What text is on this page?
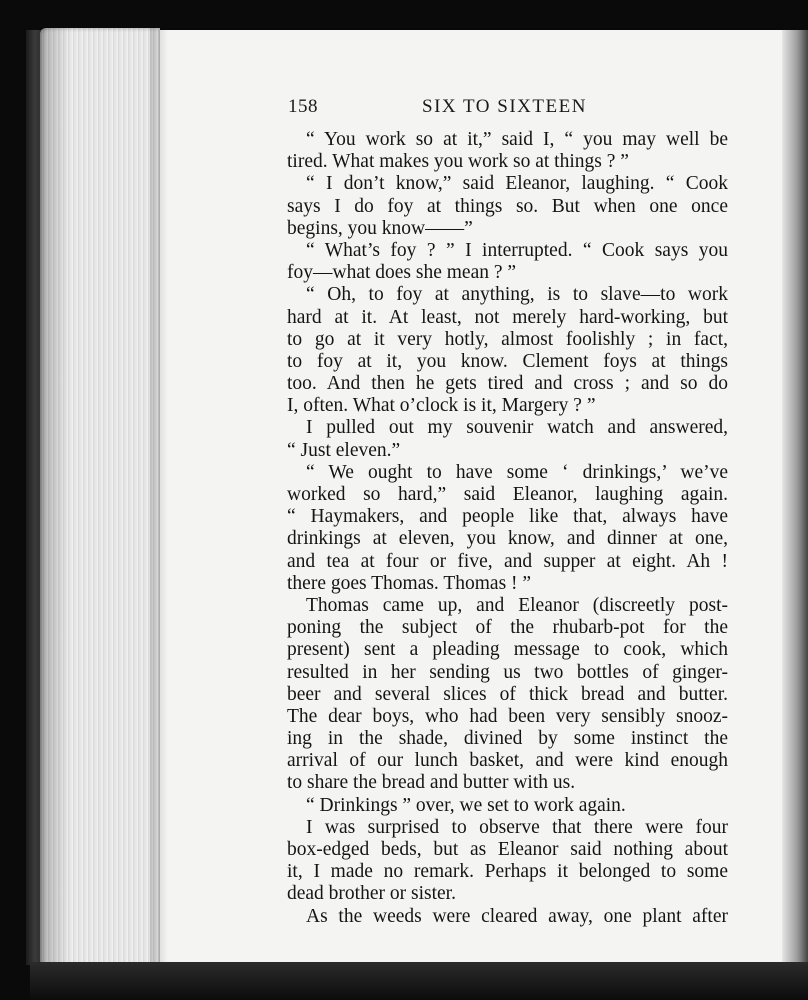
158	SIX TO SIXTEEN
“ You work so at it,” said I, “ you may well be
tired. What makes you work so at things ? ”
“ I don’t know,” said Eleanor, laughing. “ Cook
says I do foy at things so. But when one once
begins, you know——”
“ What’s foy ? ” I interrupted. “ Cook says you
foy—what does she mean ? ”
“ Oh, to foy at anything, is to slave—to work
hard at it. At least, not merely hard-working, but
to go at it very hotly, almost foolishly ; in fact,
to foy at it, you know. Clement foys at things
too. And then he gets tired and cross ; and so do
I, often. What o’clock is it, Margery ? ”
I pulled out my souvenir watch and answered,
“ Just eleven.”
“ We ought to have some ‘ drinkings,’ we’ve
worked so hard,” said Eleanor, laughing again.
“ Haymakers, and people like that, always have
drinkings at eleven, you know, and dinner at one,
and tea at four or five, and supper at eight. Ah !
there goes Thomas. Thomas ! ”
Thomas came up, and Eleanor (discreetly post-
poning the subject of the rhubarb-pot for the
present) sent a pleading message to cook, which
resulted in her sending us two bottles of ginger-
beer and several slices of thick bread and butter.
The dear boys, who had been very sensibly snooz-
ing in the shade, divined by some instinct the
arrival of our lunch basket, and were kind enough
to share the bread and butter with us.
“ Drinkings ” over, we set to work again.
I was surprised to observe that there were four
box-edged beds, but as Eleanor said nothing about
it, I made no remark. Perhaps it belonged to some
dead brother or sister.
As the weeds were cleared away, one plant after
